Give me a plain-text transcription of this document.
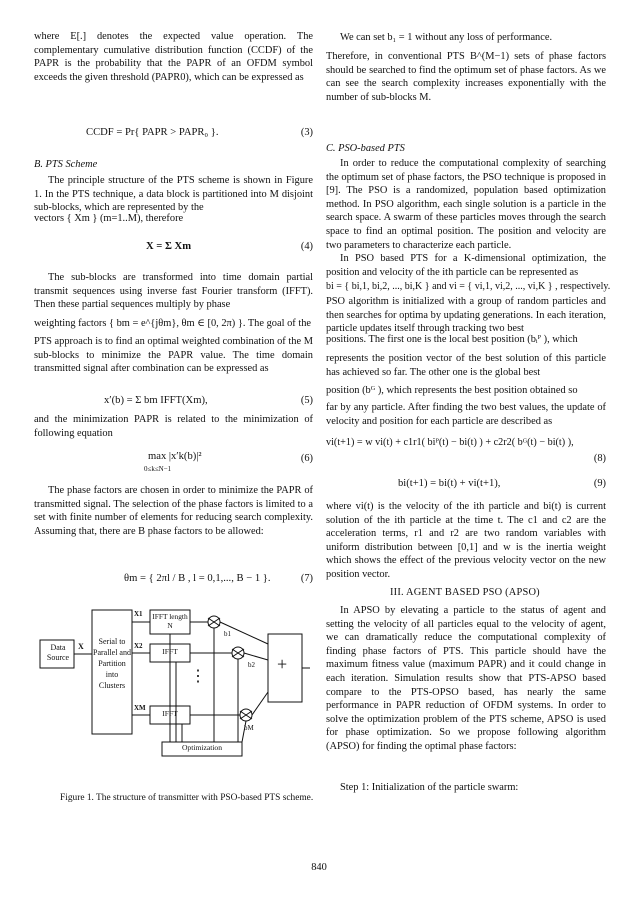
where E[.] denotes the expected value operation. The complementary cumulative distribution function (CCDF) of the PAPR is the probability that the PAPR of an OFDM symbol exceeds the given threshold (PAPR0), which can be expressed as

CCDF = Pr{ PAPR > PAPR₀ }.	(3)
B. PTS Scheme

The principle structure of the PTS scheme is shown in Figure 1. In the PTS technique, a data block is partitioned into M disjoint sub-blocks, which are represented by the

vectors { Xm } (m=1..M), therefore
X = Σ Xm	(4)

The sub-blocks are transformed into time domain partial transmit sequences using inverse fast Fourier transform (IFFT). Then these partial sequences multiply by phase

weighting factors { bm = e^{jθm}, θm ∈ [0, 2π) }. The goal of the

PTS approach is to find an optimal weighted combination of the M sub-blocks to minimize the PAPR value. The time domain transmitted signal after combination can be expressed as

x′(b) = Σ bm IFFT(Xm),	(5)

and the minimization PAPR is related to the minimization of following equation

max |x′k(b)|²
0≤k≤N−1
(6)

The phase factors are chosen in order to minimize the PAPR of transmitted signal. The selection of the phase factors is limited to a set with finite number of elements for reducing search complexity. Assuming that, there are B phase factors to be allowed:

θm = { 2πl / B , l = 0,1,..., B − 1 }.	(7)
Data Source
X
Serial to Parallel and Partition into Clusters
IFFT length N
IFFT
IFFT
X1
X2
XM
b1
b2
bM
⋮
+
Optimization
Figure 1. The structure of transmitter with PSO-based PTS scheme.
We can set b₁ = 1 without any loss of performance.

Therefore, in conventional PTS B^(M−1) sets of phase factors should be searched to find the optimum set of phase factors. As we can see the search complexity increases exponentially with the number of sub-blocks M.

C. PSO-based PTS

In order to reduce the computational complexity of searching the optimum set of phase factors, the PSO technique is proposed in [9]. The PSO is a randomized, population based optimization method. In PSO algorithm, each single solution is a particle in the search space. A swarm of these particles moves through the search space to find an optimal position. The position and velocity are two parameters to characterize each particle.

In PSO based PTS for a K-dimensional optimization, the position and velocity of the ith particle can be represented as

bi = { bi,1, bi,2, ..., bi,K } and vi = { vi,1, vi,2, ..., vi,K } , respectively.

PSO algorithm is initialized with a group of random particles and then searches for optima by updating generations. In each iteration, particle updates itself through tracking two best

positions. The first one is the local best position (bᵢᴾ ), which

represents the position vector of the best solution of this particle has achieved so far. The other one is the global best

position (bᴳ ), which represents the best position obtained so

far by any particle. After finding the two best values, the update of velocity and position for each particle are described as

vi(t+1) = w vi(t) + c1r1( biᴾ(t) − bi(t) ) + c2r2( bᴳ(t) − bi(t) ),
(8)
bi(t+1) = bi(t) + vi(t+1),	(9)

where vi(t) is the velocity of the ith particle and bi(t) is current solution of the ith particle at the time t. The c1 and c2 are the acceleration terms, r1 and r2 are two random variables with uniform distribution between [0,1] and w is the inertia weight which shows the effect of the previous velocity vector on the new position vector.

III. AGENT BASED PSO (APSO)

In APSO by elevating a particle to the status of agent and setting the velocity of all particles equal to the velocity of agent, we can dramatically reduce the computational complexity of finding phase factors of PTS. This particle should have the maximum fitness value (maximum PAPR) and it could change in each iteration. Simulation results show that PTS-APSO based compare to the PTS-OPSO based, has nearly the same performance in PAPR reduction of OFDM systems. In order to solve the optimization problem of the PTS scheme, APSO is used for phase optimization. So we propose following algorithm (APSO) for finding the optimal phase factors:

Step 1: Initialization of the particle swarm:
840
